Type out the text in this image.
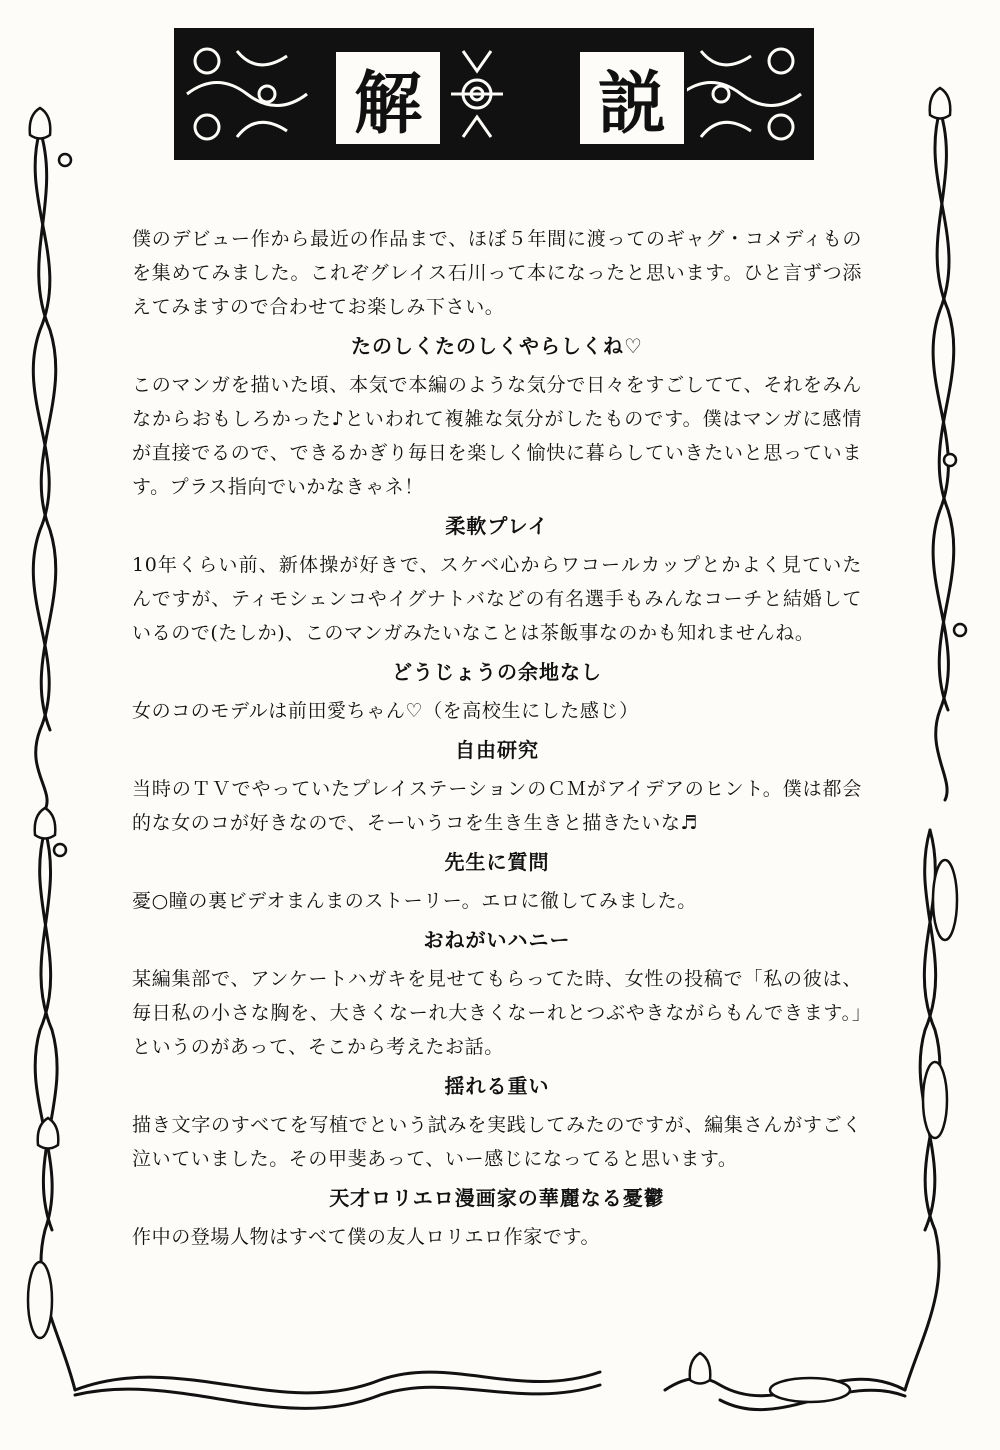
解	説

僕のデビュー作から最近の作品まで、ほぼ５年間に渡ってのギャグ・コメディものを集めてみました。これぞグレイス石川って本になったと思います。ひと言ずつ添えてみますので合わせてお楽しみ下さい。

たのしくたのしくやらしくね♡

このマンガを描いた頃、本気で本編のような気分で日々をすごしてて、それをみんなからおもしろかった♪といわれて複雑な気分がしたものです。僕はマンガに感情が直接でるので、できるかぎり毎日を楽しく愉快に暮らしていきたいと思っています。プラス指向でいかなきゃネ！

柔軟プレイ

10年くらい前、新体操が好きで、スケベ心からワコールカップとかよく見ていたんですが、ティモシェンコやイグナトバなどの有名選手もみんなコーチと結婚しているので(たしか)、このマンガみたいなことは茶飯事なのかも知れませんね。

どうじょうの余地なし

女のコのモデルは前田愛ちゃん♡（を高校生にした感じ）

自由研究

当時のＴＶでやっていたプレイステーションのＣＭがアイデアのヒント。僕は都会的な女のコが好きなので、そーいうコを生き生きと描きたいな♬

先生に質問

憂○瞳の裏ビデオまんまのストーリー。エロに徹してみました。

おねがいハニー

某編集部で、アンケートハガキを見せてもらってた時、女性の投稿で「私の彼は、毎日私の小さな胸を、大きくなーれ大きくなーれとつぶやきながらもんできます。」というのがあって、そこから考えたお話。

揺れる重い

描き文字のすべてを写植でという試みを実践してみたのですが、編集さんがすごく泣いていました。その甲斐あって、いー感じになってると思います。

天才ロリエロ漫画家の華麗なる憂鬱

作中の登場人物はすべて僕の友人ロリエロ作家です。
